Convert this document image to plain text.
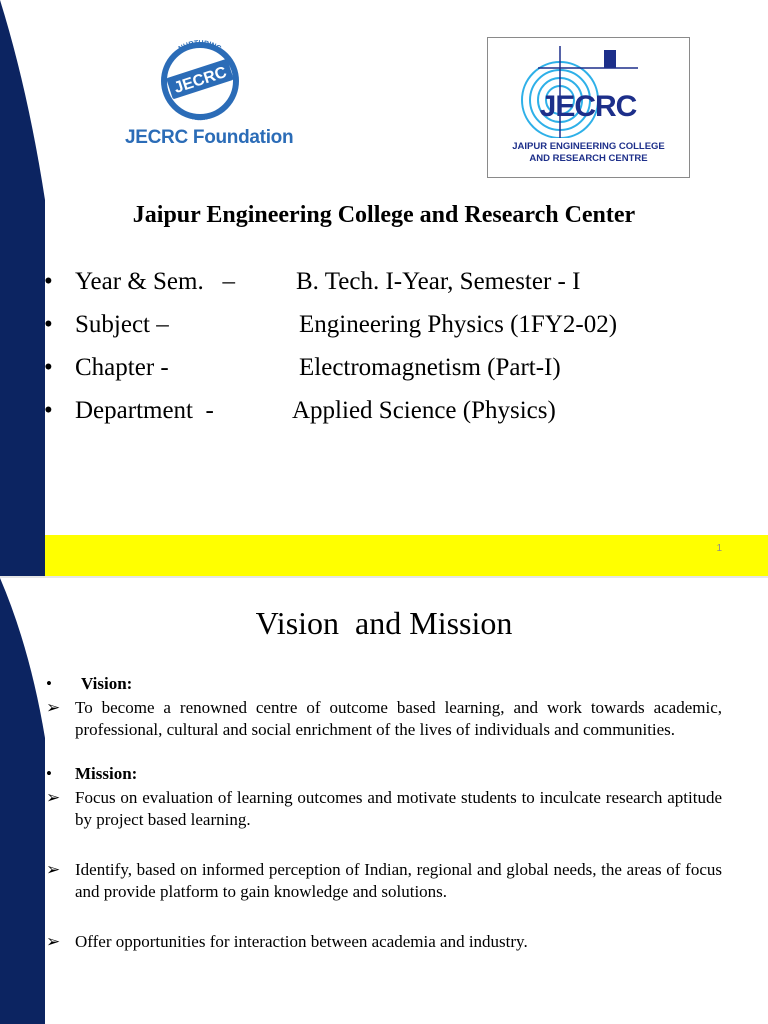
NURTURING
TALENT
JECRC
JECRC Foundation
JECRC
JAIPUR ENGINEERING COLLEGE
AND RESEARCH CENTRE
Jaipur Engineering College and Research Center
• Year & Sem.   – B. Tech. I-Year, Semester - I
• Subject –	Engineering Physics (1FY2-02)
• Chapter -	Electromagnetism (Part-I)
• Department  -	Applied Science (Physics)
1
Vision  and Mission
• Vision:
➢ To become a renowned centre of outcome based learning, and work towards academic, professional, cultural and social enrichment of the lives of individuals and communities.
• Mission:
➢ Focus on evaluation of learning outcomes and motivate students to inculcate research aptitude by project based learning.
➢ Identify, based on informed perception of Indian, regional and global needs, the areas of focus and provide platform to gain knowledge and solutions.
➢ Offer opportunities for interaction between academia and industry.
